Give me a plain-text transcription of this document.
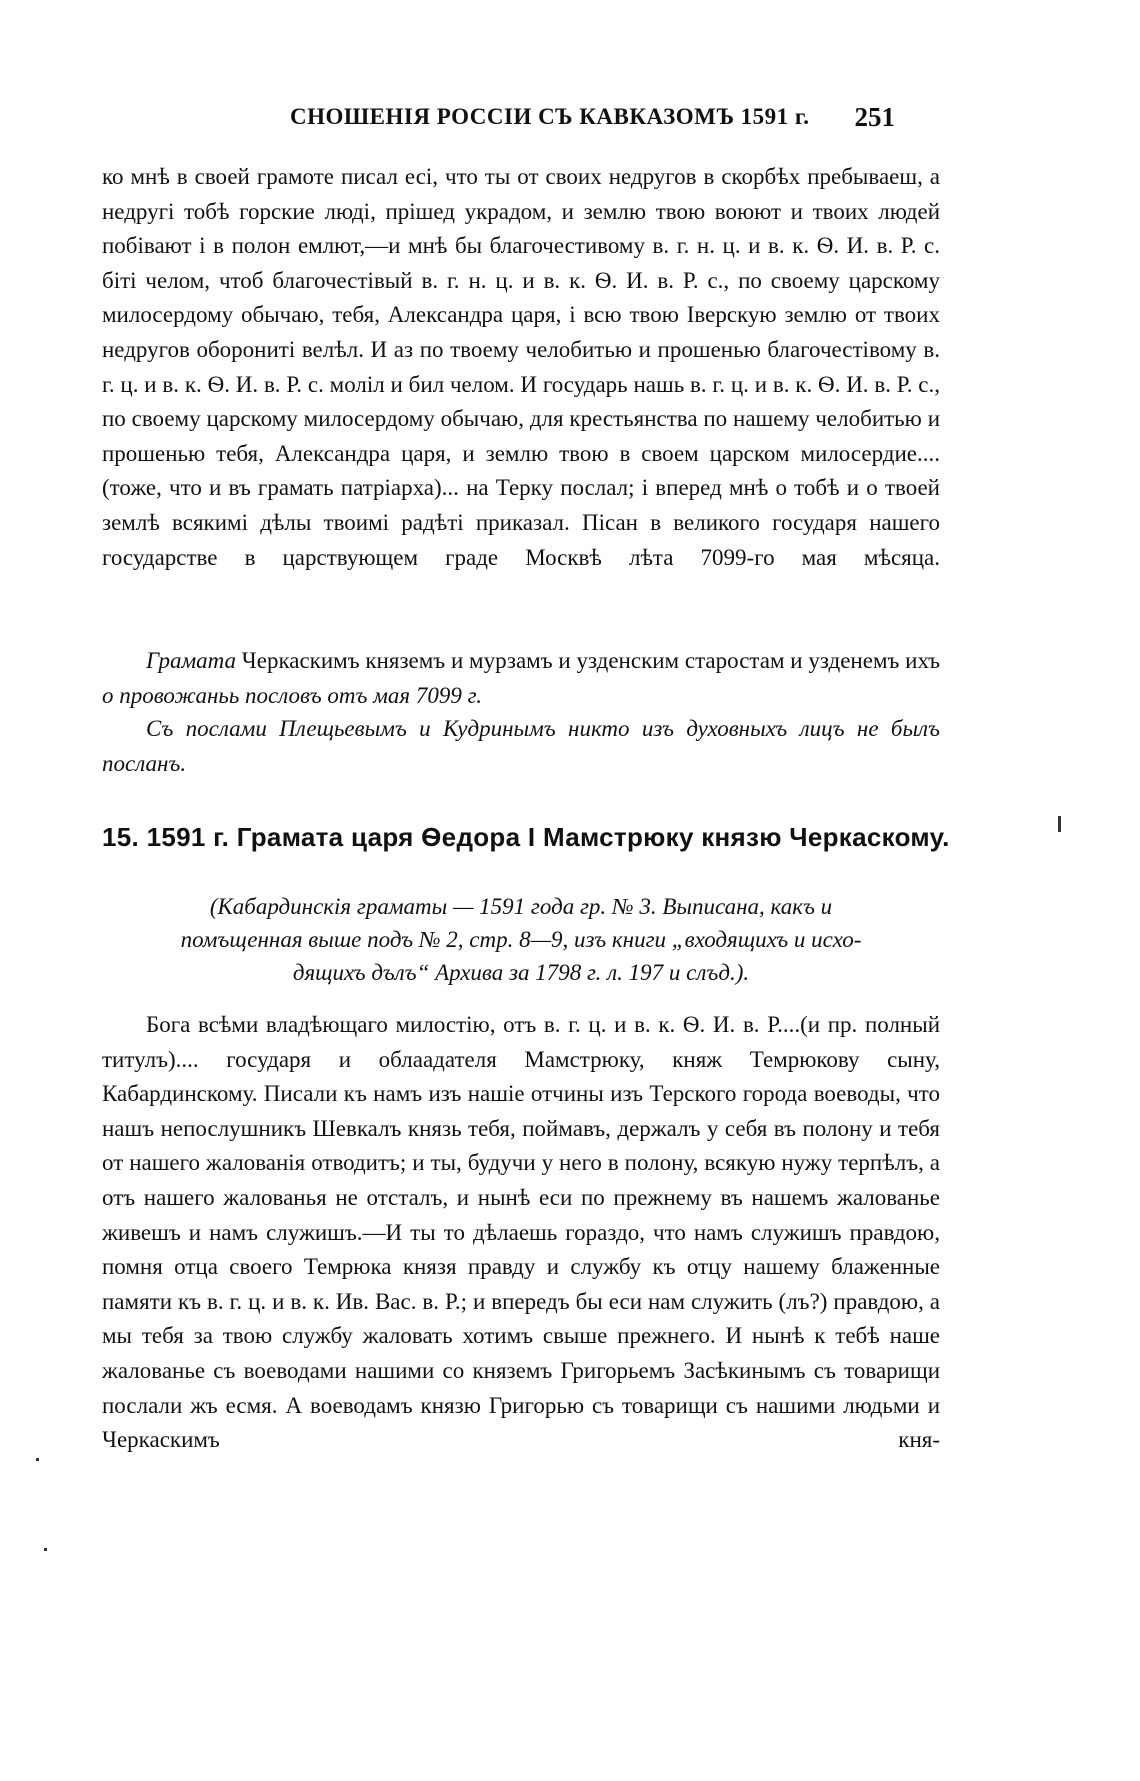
СНОШЕНІЯ РОССІИ СЪ КАВКАЗОМЪ 1591 г. 251

ко мнѣ в своей грамоте писал есі, что ты от своих недругов в скорбѣх пребываеш, а недругі тобѣ горские люді, прішед украдом, и землю твою воюют и твоих людей побівают і в полон емлют,—и мнѣ бы благочестивому в. г. н. ц. и в. к. Ѳ. И. в. Р. с. біті челом, чтоб благочестівый в. г. н. ц. и в. к. Ѳ. И. в. Р. с., по своему царскому милосердому обычаю, тебя, Александра царя, і всю твою Іверскую землю от твоих недругов оборониті велѣл. И аз по твоему челобитью и прошенью благочестівому в. г. ц. и в. к. Ѳ. И. в. Р. с. моліл и бил челом. И государь нашь в. г. ц. и в. к. Ѳ. И. в. Р. с., по своему царскому милосердому обычаю, для крестьянства по нашему челобитью и прошенью тебя, Александра царя, и землю твою в своем царском милосердие.... (тоже, что и въ грамать патріарха)... на Терку послал; і вперед мнѣ о тобѣ и о твоей землѣ всякимі дѣлы твоимі радѣті приказал. Пісан в великого государя нашего государстве в царствующем граде Москвѣ лѣта 7099-го мая мѣсяца.

Грамата Черкаскимъ княземъ и мурзамъ и узденским старостам и узденемъ ихъ о провожаньь пословъ отъ мая 7099 г.

Съ послами Плещьевымъ и Кудринымъ никто изъ духовныхъ лицъ не былъ посланъ.

15. 1591 г. Грамата царя Ѳедора I Мамстрюку князю Черкаскому.

(Кабардинскія граматы — 1591 года гр. № 3. Выписана, какъ и

помъщенная выше подъ № 2, стр. 8—9, изъ книги „входящихъ и исхо-

дящихъ дълъ“ Архива за 1798 г. л. 197 и слъд.).

Бога всѣми владѣющаго милостію, отъ в. г. ц. и в. к. Ѳ. И. в. Р....(и пр. полный титулъ).... государя и облаадателя Мамстрюку, княж Темрюкову сыну, Кабардинскому. Писали къ намъ изъ нашіе отчины изъ Терского города воеводы, что нашъ непослушникъ Шевкалъ князь тебя, поймавъ, держалъ у себя въ полону и тебя от нашего жалованія отводитъ; и ты, будучи у него в полону, всякую нужу терпѣлъ, а отъ нашего жалованья не отсталъ, и нынѣ еси по прежнему въ нашемъ жалованье живешъ и намъ служишъ.—И ты то дѣлаешь гораздо, что намъ служишъ правдою, помня отца своего Темрюка князя правду и службу къ отцу нашему блаженные памяти къ в. г. ц. и в. к. Ив. Вас. в. Р.; и впередъ бы еси нам служить (лъ?) правдою, а мы тебя за твою службу жаловать хотимъ свыше прежнего. И нынѣ к тебѣ наше жалованье съ воеводами нашими со княземъ Григорьемъ Засѣкинымъ съ товарищи послали жъ есмя. А воеводамъ князю Григорью съ товарищи съ нашими людьми и Черкаскимъ кня-
